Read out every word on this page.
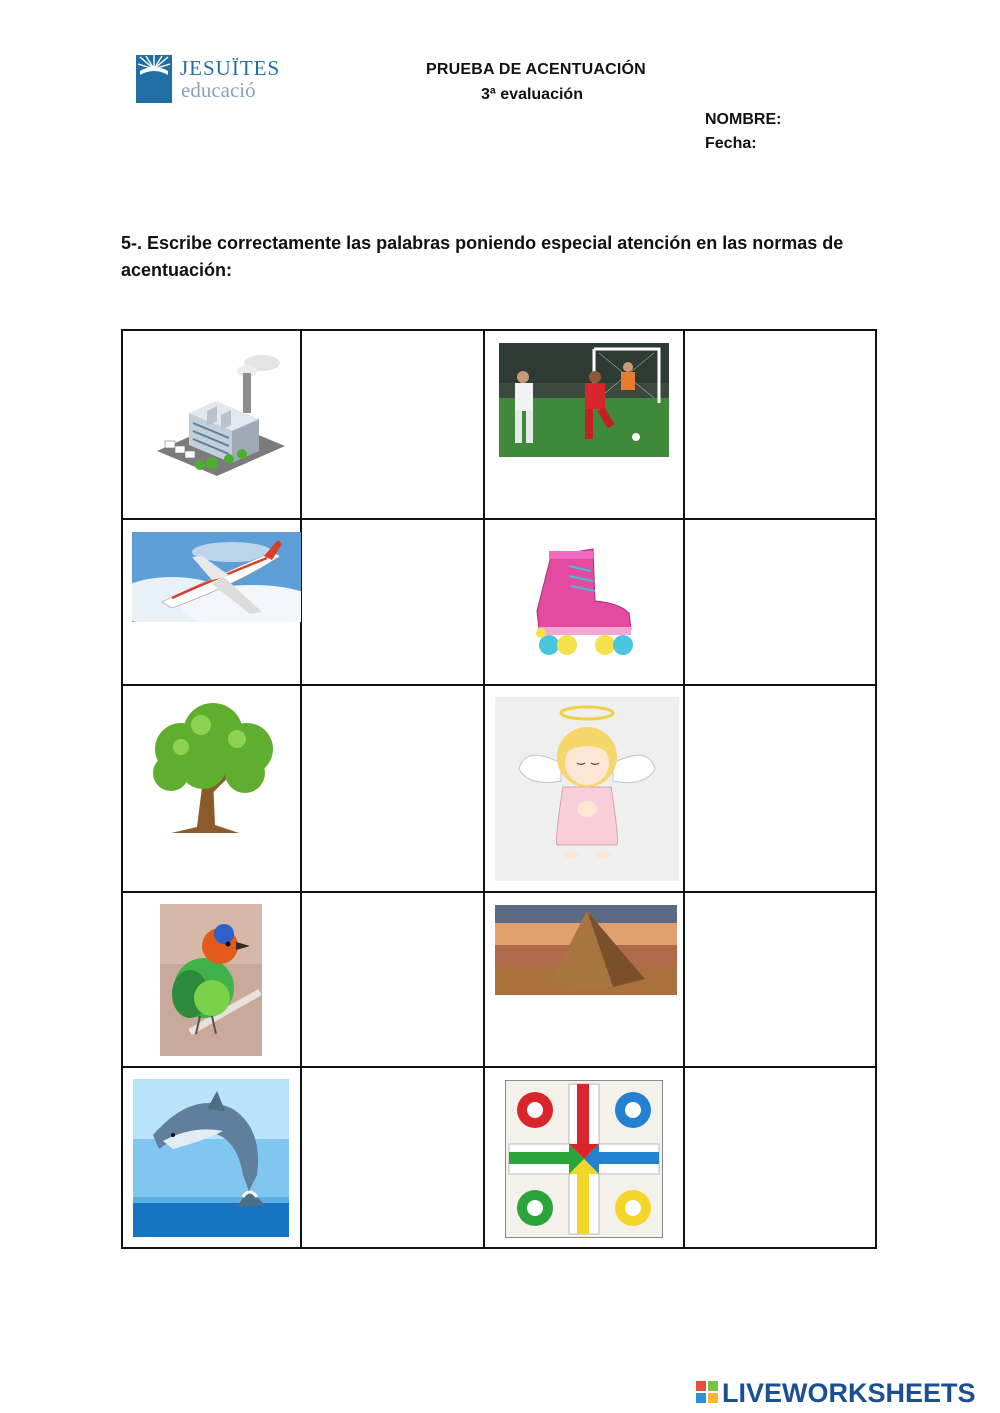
JESUÏTES
educació
PRUEBA DE ACENTUACIÓN
3ª evaluación
NOMBRE:
Fecha:
5-. Escribe correctamente las palabras poniendo especial atención en las normas de acentuación:
LIVEWORKSHEETS
